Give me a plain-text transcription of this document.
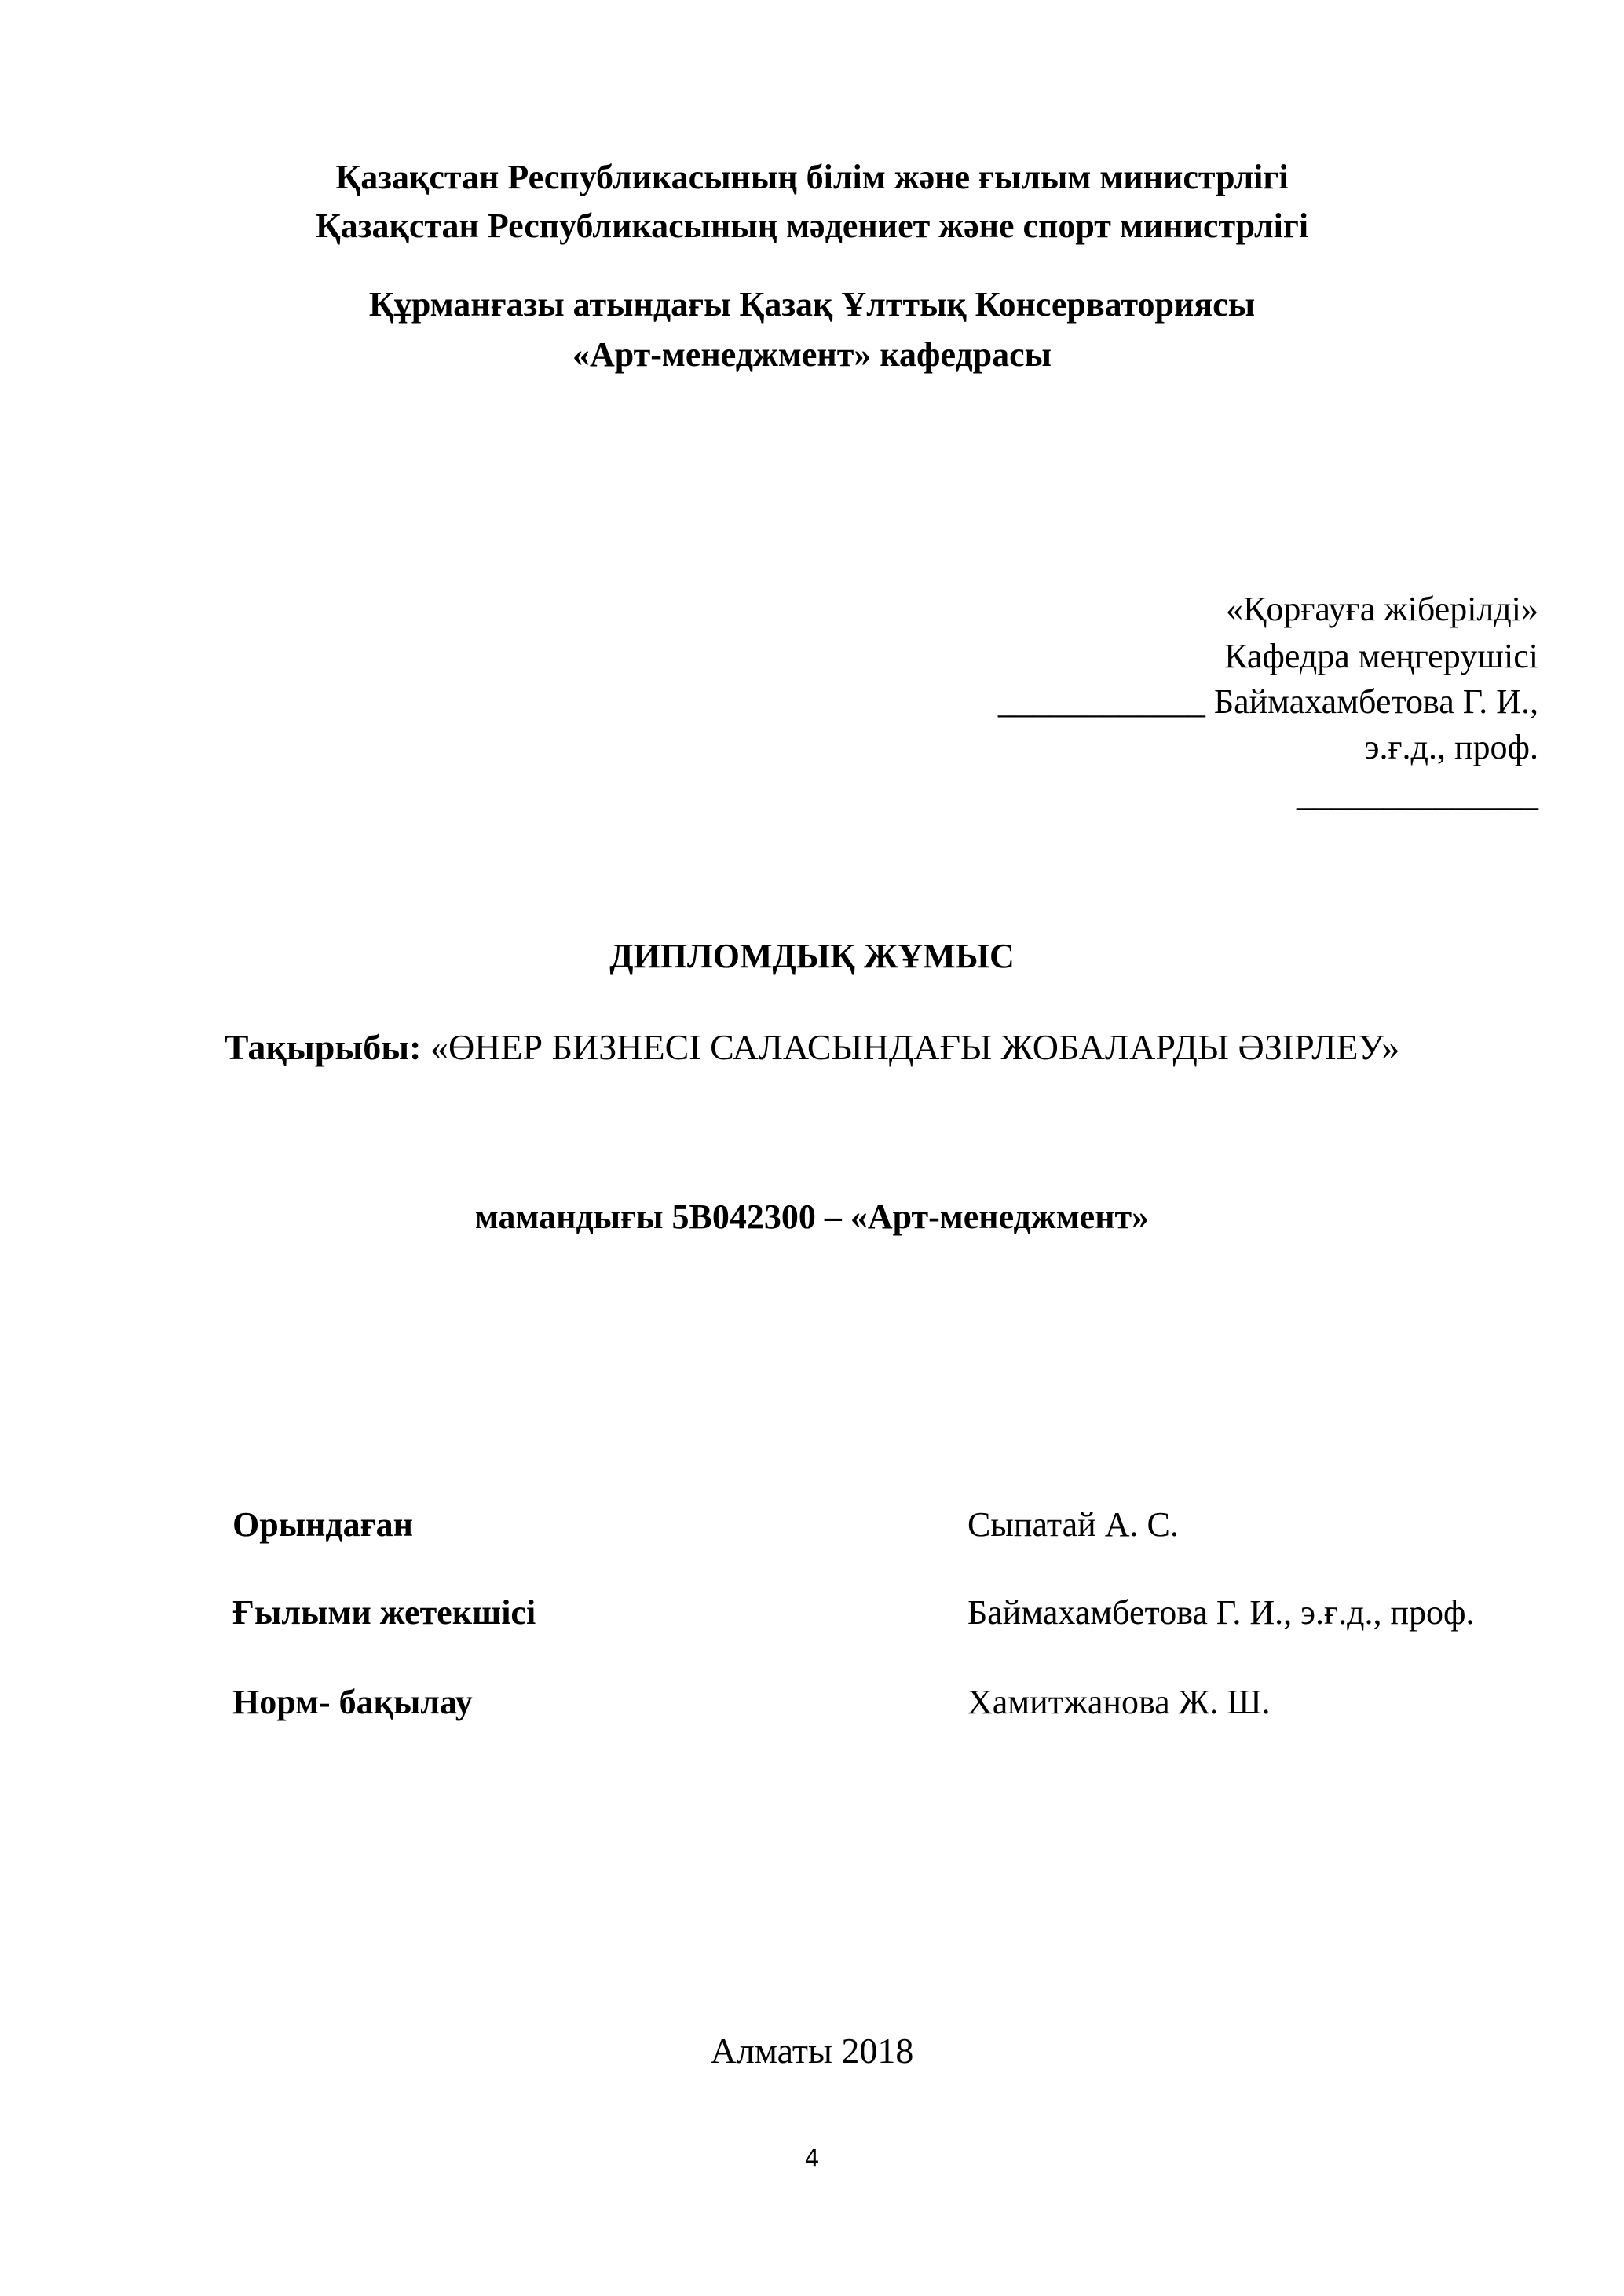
Қазақстан Республикасының білім және ғылым министрлігі
Қазақстан Республикасының мәдениет және спорт министрлігі
Құрманғазы атындағы Қазақ Ұлттық Консерваториясы
«Арт-менеджмент» кафедрасы
«Қорғауға жіберілді»
Кафедра меңгерушісі
____________ Баймахамбетова Г. И.,
э.ғ.д., проф.
______________
ДИПЛОМДЫҚ ЖҰМЫС
Тақырыбы: «ӨНЕР БИЗНЕСІ САЛАСЫНДАҒЫ ЖОБАЛАРДЫ ӘЗІРЛЕУ»
мамандығы 5В042300 – «Арт-менеджмент»
Орындаған	Сыпатай А. С.
Ғылыми жетекшісі	Баймахамбетова Г. И., э.ғ.д., проф.
Норм- бақылау	Хамитжанова Ж. Ш.
Алматы 2018
4
